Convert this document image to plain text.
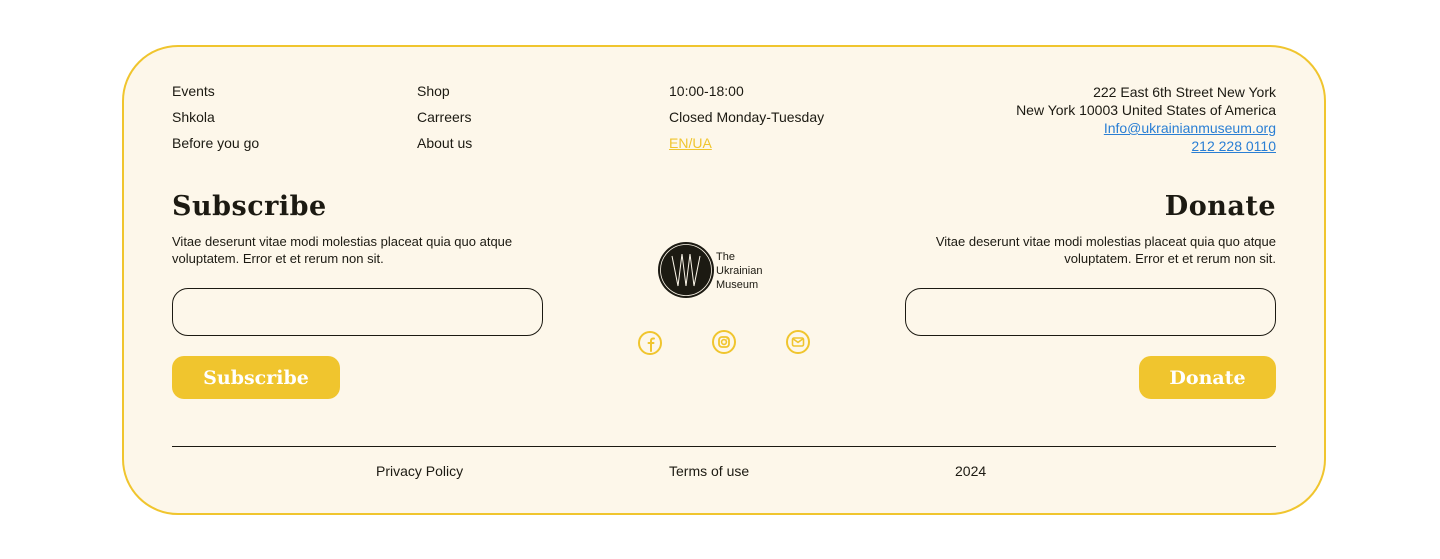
Events
Shkola
Before you go
Shop
Carreers
About us
10:00-18:00
Closed Monday-Tuesday
EN/UA
222 East 6th Street New York
New York 10003 United States of America
Info@ukrainianmuseum.org
212 228 0110
Subscribe
Vitae deserunt vitae modi molestias placeat quia quo atque voluptatem. Error et et rerum non sit.
Subscribe
The
Ukrainian
Museum
Donate
Vitae deserunt vitae modi molestias placeat quia quo atque voluptatem. Error et et rerum non sit.
Donate
Privacy Policy	Terms of use	2024
